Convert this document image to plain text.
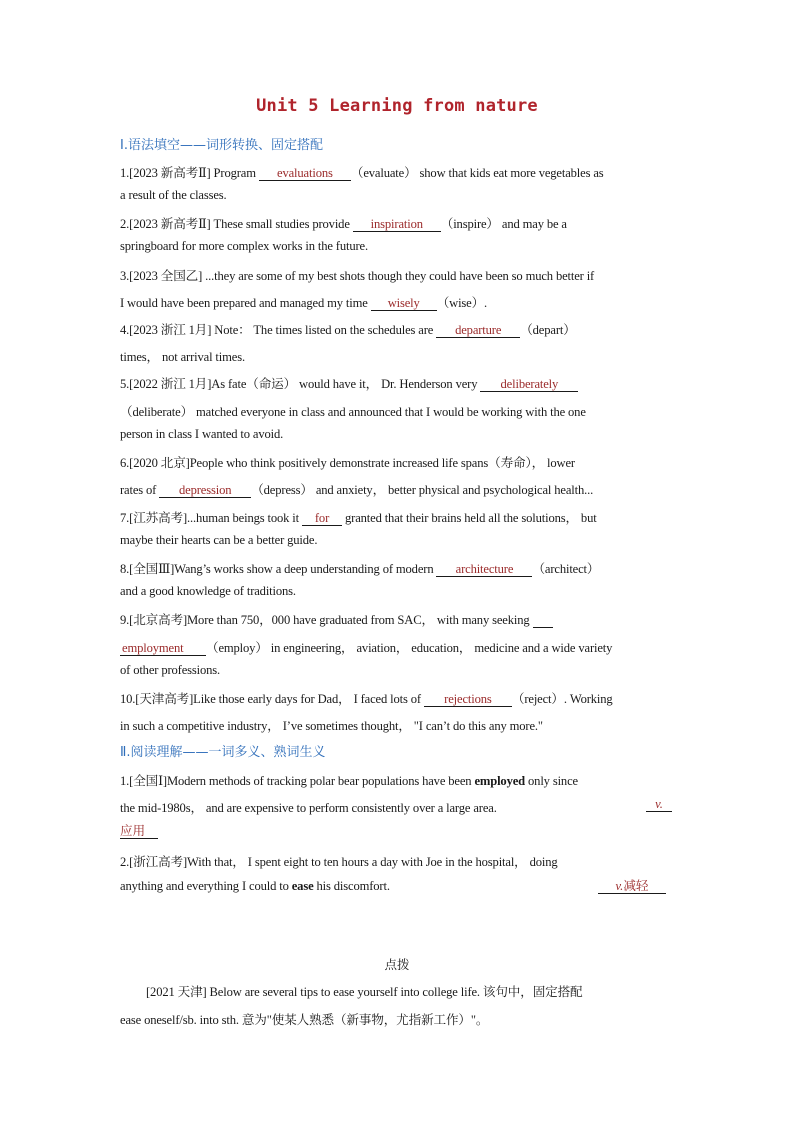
Unit 5 Learning from nature
Ⅰ.语法填空——词形转换、固定搭配
1.[2023 新高考Ⅱ] Program evaluations （evaluate） show that kids eat more vegetables as
a result of the classes.
2.[2023 新高考Ⅱ] These small studies provide inspiration （inspire） and may be a
springboard for more complex works in the future.
3.[2023 全国乙] ...they are some of my best shots though they could have been so much better if
I would have been prepared and managed my time wisely （wise）.
4.[2023 浙江 1月] Note： The times listed on the schedules are departure （depart）
times， not arrival times.
5.[2022 浙江 1月]As fate（命运） would have it， Dr. Henderson very deliberately
（deliberate） matched everyone in class and announced that I would be working with the one
person in class I wanted to avoid.
6.[2020 北京]People who think positively demonstrate increased life spans（寿命）， lower
rates of depression （depress） and anxiety， better physical and psychological health...
7.[江苏高考]...human beings took it for granted that their brains held all the solutions， but
maybe their hearts can be a better guide.
8.[全国Ⅲ]Wang’s works show a deep understanding of modern architecture （architect）
and a good knowledge of traditions.
9.[北京高考]More than 750，000 have graduated from SAC， with many seeking
employment （employ） in engineering， aviation， education， medicine and a wide variety
of other professions.
10.[天津高考]Like those early days for Dad， I faced lots of rejections （reject）. Working
in such a competitive industry， I’ve sometimes thought， "I can’t do this any more."
Ⅱ.阅读理解——一词多义、熟词生义
1.[全国Ⅰ]Modern methods of tracking polar bear populations have been employed only since
the mid-1980s， and are expensive to perform consistently over a large area.	v.
应用
2.[浙江高考]With that， I spent eight to ten hours a day with Joe in the hospital， doing
anything and everything I could to ease his discomfort.	v.减轻
点拨
[2021 天津] Below are several tips to ease yourself into college life. 该句中，固定搭配
ease oneself/sb. into sth. 意为"使某人熟悉（新事物，尤指新工作）"。
